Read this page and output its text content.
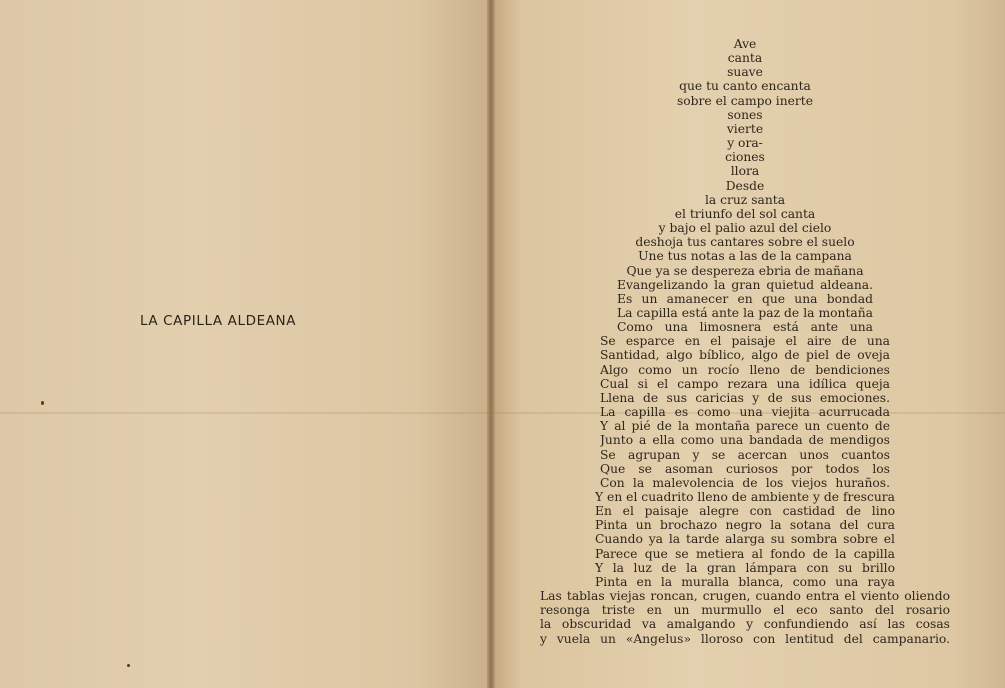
LA CAPILLA ALDEANA
Ave
canta
suave
que tu canto encanta
sobre el campo inerte
sones
vierte
y ora-
ciones
llora
Desde
la cruz santa
el triunfo del sol canta
y bajo el palio azul del cielo
deshoja tus cantares sobre el suelo
Une tus notas a las de la campana
Que ya se despereza ebria de mañana
Evangelizando la gran quietud aldeana.
Es un amanecer en que una bondad
La capilla está ante la paz de la montaña
Como una limosnera está ante una
Se esparce en el paisaje el aire de una
Santidad, algo bíblico, algo de piel de oveja
Algo como un rocío lleno de bendiciones
Cual si el campo rezara una idílica queja
Llena de sus caricias y de sus emociones.
La capilla es como una viejita acurrucada
Y al pié de la montaña parece un cuento de
Junto a ella como una bandada de mendigos
Se agrupan y se acercan unos cuantos
Que se asoman curiosos por todos los
Con la malevolencia de los viejos huraños.
Y en el cuadrito lleno de ambiente y de frescura
En el paisaje alegre con castidad de lino
Pinta un brochazo negro la sotana del cura
Cuando ya la tarde alarga su sombra sobre el
Parece que se metiera al fondo de la capilla
Y la luz de la gran lámpara con su brillo
Pinta en la muralla blanca, como una raya
Las tablas viejas roncan, crugen, cuando entra el viento oliendo
resonga triste en un murmullo el eco santo del rosario
la obscuridad va amalgando y confundiendo así las cosas
y vuela un «Angelus» lloroso con lentitud del campanario.
